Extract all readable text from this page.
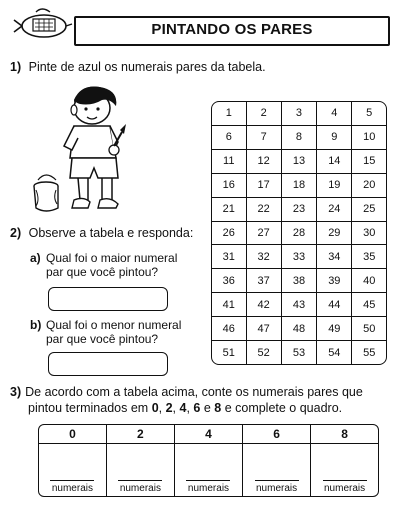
PINTANDO OS PARES
1) Pinte de azul os numerais pares da tabela.
2) Observe a tabela e responda:
a) Qual foi o maior numeral
par que você pintou?
b) Qual foi o menor numeral
par que você pintou?
1	2	3	4	5
6	7	8	9	10
11	12	13	14	15
16	17	18	19	20
21	22	23	24	25
26	27	28	29	30
31	32	33	34	35
36	37	38	39	40
41	42	43	44	45
46	47	48	49	50
51	52	53	54	55
3) De acordo com a tabela acima, conte os numerais pares que
pintou terminados em 0, 2, 4, 6 e 8 e complete o quadro.
0	2	4	6	8

numerais	numerais	numerais	numerais	numerais
